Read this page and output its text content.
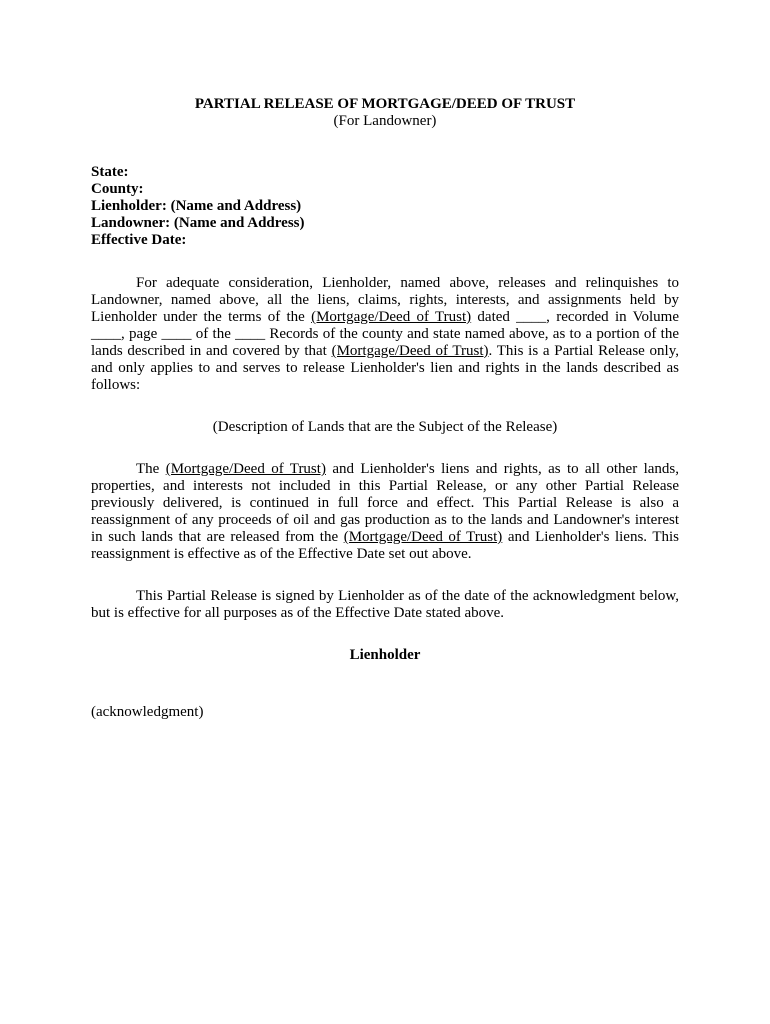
PARTIAL RELEASE OF MORTGAGE/DEED OF TRUST

(For Landowner)

State:
County:
Lienholder: (Name and Address)
Landowner: (Name and Address)
Effective Date:

For adequate consideration, Lienholder, named above, releases and relinquishes to Landowner, named above, all the liens, claims, rights, interests, and assignments held by Lienholder under the terms of the (Mortgage/Deed of Trust) dated ____, recorded in Volume ____, page ____ of the ____ Records of the county and state named above, as to a portion of the lands described in and covered by that (Mortgage/Deed of Trust). This is a Partial Release only, and only applies to and serves to release Lienholder's lien and rights in the lands described as follows:

(Description of Lands that are the Subject of the Release)

The (Mortgage/Deed of Trust) and Lienholder's liens and rights, as to all other lands, properties, and interests not included in this Partial Release, or any other Partial Release previously delivered, is continued in full force and effect. This Partial Release is also a reassignment of any proceeds of oil and gas production as to the lands and Landowner's interest in such lands that are released from the (Mortgage/Deed of Trust) and Lienholder's liens. This reassignment is effective as of the Effective Date set out above.

This Partial Release is signed by Lienholder as of the date of the acknowledgment below, but is effective for all purposes as of the Effective Date stated above.

Lienholder

(acknowledgment)
